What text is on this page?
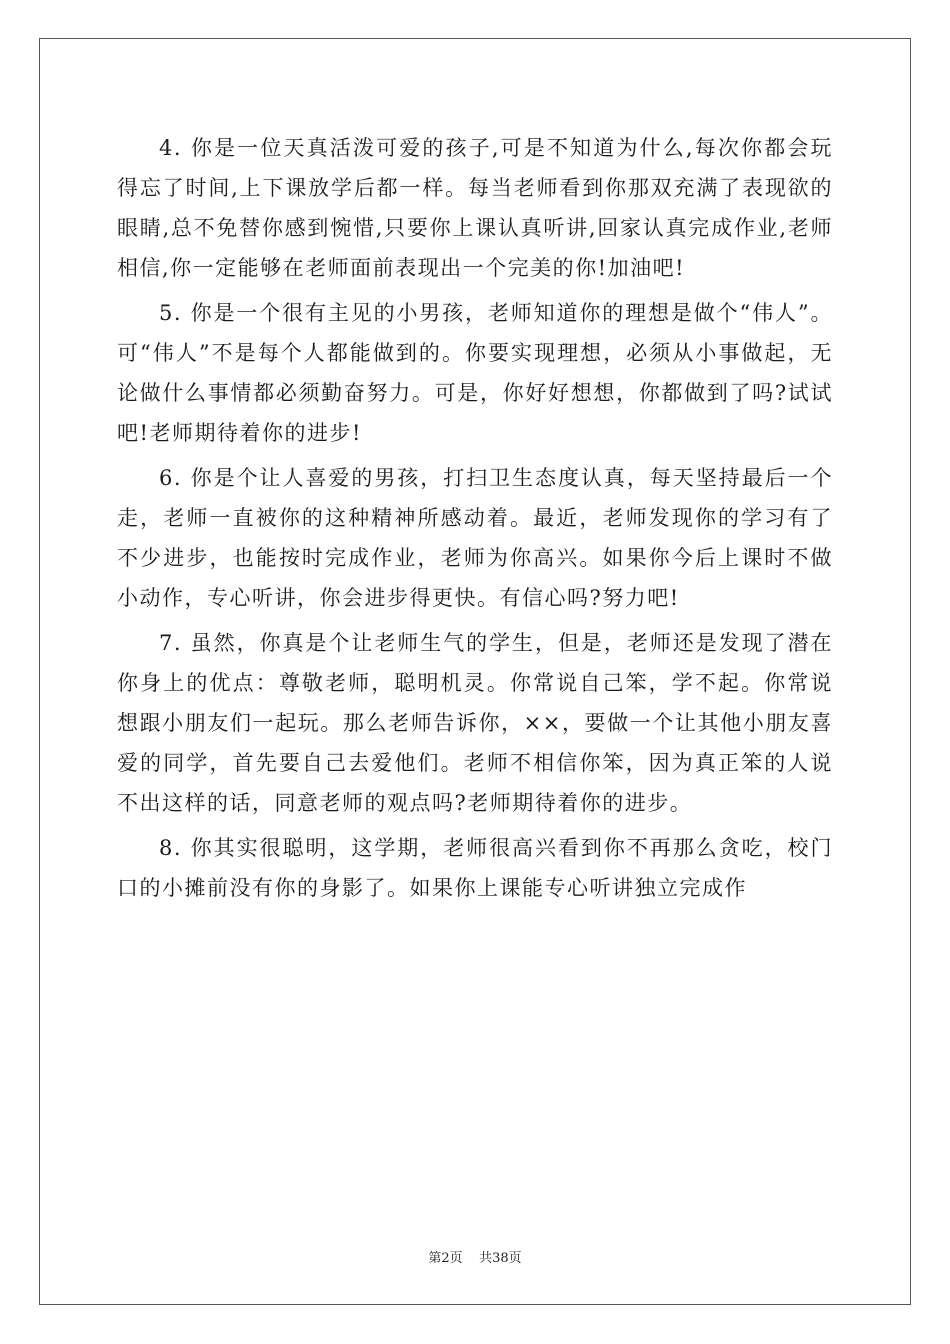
4. 你是一位天真活泼可爱的孩子,可是不知道为什么,每次你都会玩得忘了时间,上下课放学后都一样。每当老师看到你那双充满了表现欲的眼睛,总不免替你感到惋惜,只要你上课认真听讲,回家认真完成作业,老师相信,你一定能够在老师面前表现出一个完美的你!加油吧!

5. 你是一个很有主见的小男孩，老师知道你的理想是做个“伟人”。可“伟人”不是每个人都能做到的。你要实现理想，必须从小事做起，无论做什么事情都必须勤奋努力。可是，你好好想想，你都做到了吗?试试吧!老师期待着你的进步!

6. 你是个让人喜爱的男孩，打扫卫生态度认真，每天坚持最后一个走，老师一直被你的这种精神所感动着。最近，老师发现你的学习有了不少进步，也能按时完成作业，老师为你高兴。如果你今后上课时不做小动作，专心听讲，你会进步得更快。有信心吗?努力吧!

7. 虽然，你真是个让老师生气的学生，但是，老师还是发现了潜在你身上的优点：尊敬老师，聪明机灵。你常说自己笨，学不起。你常说想跟小朋友们一起玩。那么老师告诉你，××，要做一个让其他小朋友喜爱的同学，首先要自己去爱他们。老师不相信你笨，因为真正笨的人说不出这样的话，同意老师的观点吗?老师期待着你的进步。

8. 你其实很聪明，这学期，老师很高兴看到你不再那么贪吃，校门口的小摊前没有你的身影了。如果你上课能专心听讲独立完成作

第2页 共38页
